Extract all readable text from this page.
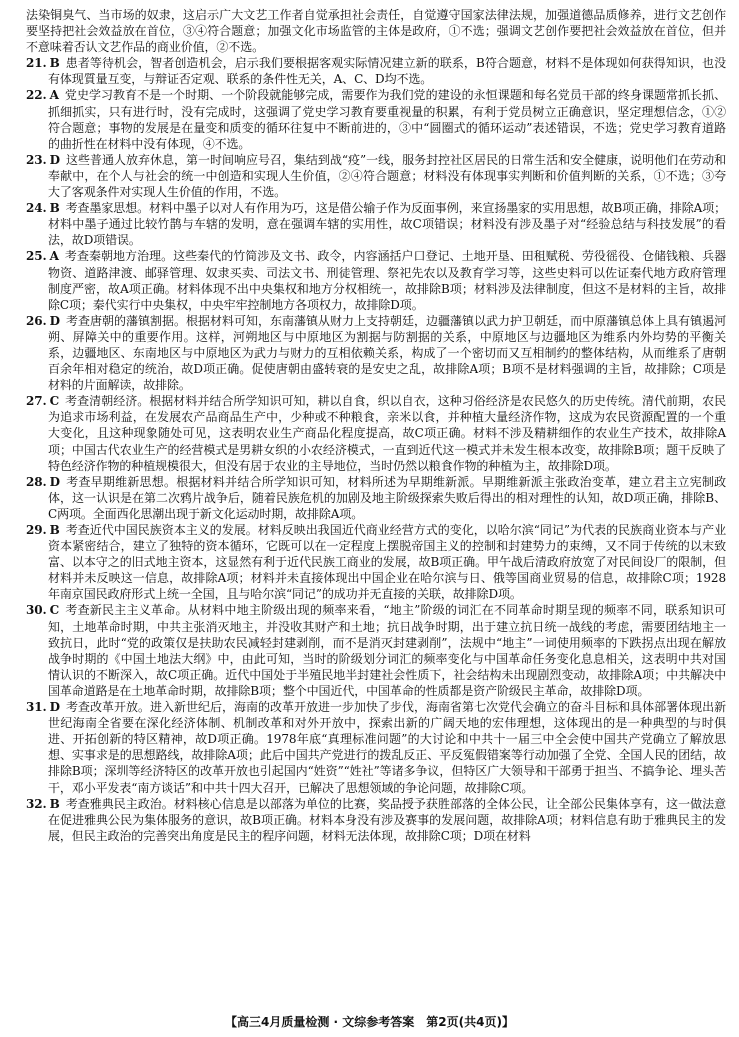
法染铜臭气、当市场的奴隶，这启示广大文艺工作者自觉承担社会责任，自觉遵守国家法律法规，加强道德品质修养，进行文艺创作要坚持把社会效益放在首位，③④符合题意；加强文化市场监管的主体是政府，①不选；强调文艺创作要把社会效益放在首位，但并不意味着否认文艺作品的商业价值，②不选。

21. B 患者等待机会，智者创造机会，启示我们要根据客观实际情况建立新的联系，B符合题意，材料不是体现如何获得知识，也没有体现質量互变，与辩证否定观、联系的条件性无关，A、C、D均不选。

22. A 党史学习教育不是一个时期、一个阶段就能够完成，需要作为我们党的建设的永恒课题和每名党员干部的终身课题常抓长抓、抓细抓实，只有进行时，没有完成时，这强调了党史学习教育要重视量的积累，有利于党员树立正确意识，坚定理想信念，①②符合题意；事物的发展是在量变和质变的循环往复中不断前进的，③中“圆圈式的循环运动”表述错误，不选；党史学习教育道路的曲折性在材料中没有体现，④不选。

23. D 这些普通人放弃休息，第一时间响应号召，集结到战“疫”一线，服务封控社区居民的日常生活和安全健康，说明他们在劳动和奉献中，在个人与社会的统一中创造和实现人生价值，②④符合题意；材料没有体现事实判断和价值判断的关系，①不选；③夸大了客观条件对实现人生价值的作用，不选。

24. B 考查墨家思想。材料中墨子以对人有作用为巧，这是借公输子作为反面事例，来宣扬墨家的实用思想，故B项正确，排除A项；材料中墨子通过比较竹鹊与车辖的发明，意在强调车辖的实用性，故C项错误；材料没有涉及墨子对“经验总结与科技发展”的看法，故D项错误。

25. A 考查秦朝地方治理。这些秦代的竹简涉及文书、政令，内容涵括户口登记、土地开垦、田租赋税、劳役徭役、仓储钱粮、兵器物资、道路津渡、邮驿管理、奴隶买卖、司法文书、刑徒管理、祭祀先农以及教育学习等，这些史料可以佐证秦代地方政府管理制度严密，故A项正确。材料体现不出中央集权和地方分权相统一，故排除B项；材料涉及法律制度，但这不是材料的主旨，故排除C项；秦代实行中央集权，中央牢牢控制地方各项权力，故排除D项。

26. D 考查唐朝的藩镇割据。根据材料可知，东南藩镇从财力上支持朝廷，边疆藩镇以武力护卫朝廷，而中原藩镇总体上具有镇遏河朔、屏障关中的重要作用。这样，河朔地区与中原地区为割据与防割据的关系，中原地区与边疆地区为维系内外均势的平衡关系，边疆地区、东南地区与中原地区为武力与财力的互相依赖关系，构成了一个密切而又互相制约的整体结构，从而维系了唐朝百余年相对稳定的统治，故D项正确。促使唐朝由盛转衰的是安史之乱，故排除A项；B项不是材料强调的主旨，故排除；C项是材料的片面解读，故排除。

27. C 考查清朝经济。根据材料并结合所学知识可知，耕以自食，织以自衣，这种习俗经济是农民悠久的历史传统。清代前期，农民为追求市场利益，在发展农产品商品生产中，少种或不种粮食，亲米以食，并种植大量经济作物，这成为农民资源配置的一个重大变化，且这种现象随处可见，这表明农业生产商品化程度提高，故C项正确。材料不涉及精耕细作的农业生产技术，故排除A项；中国古代农业生产的经营模式是男耕女织的小农经济模式，一直到近代这一模式并未发生根本改变，故排除B项；题干反映了特色经济作物的种植规模很大，但没有居于农业的主导地位，当时仍然以粮食作物的种植为主，故排除D项。

28. D 考查早期维新思想。根据材料并结合所学知识可知，材料所述为早期维新派。早期维新派主张政治变革，建立君主立宪制政体，这一认识是在第二次鸦片战争后，随着民族危机的加剧及地主阶级探索失败后得出的相对理性的认知，故D项正确，排除B、C两项。全面西化思潮出现于新文化运动时期，故排除A项。

29. B 考查近代中国民族资本主义的发展。材料反映出我国近代商业经营方式的变化，以哈尔滨“同记”为代表的民族商业资本与产业资本紧密结合，建立了独特的资本循环，它既可以在一定程度上摆脱帝国主义的控制和封建势力的束缚，又不同于传统的以末致富、以本守之的旧式地主资本，这显然有利于近代民族工商业的发展，故B项正确。甲午战后清政府放宽了对民间设厂的限制，但材料并未反映这一信息，故排除A项；材料并未直接体现出中国企业在哈尔滨与日、俄等国商业贸易的信息，故排除C项；1928年南京国民政府形式上统一全国，且与哈尔滨“同记”的成功并无直接的关联，故排除D项。

30. C 考查新民主主义革命。从材料中地主阶级出现的频率来看，“地主”阶级的词汇在不同革命时期呈现的频率不同，联系知识可知，土地革命时期，中共主张消灭地主，并没收其财产和土地；抗日战争时期，出于建立抗日统一战线的考虑，需要团结地主一致抗日，此时“党的政策仅是扶助农民减轻封建剥削，而不是消灭封建剥削”，法规中“地主”一词使用频率的下跌拐点出现在解放战争时期的《中国土地法大纲》中，由此可知，当时的阶级划分词汇的频率变化与中国革命任务变化息息相关，这表明中共对国情认识的不断深入，故C项正确。近代中国处于半殖民地半封建社会性质下，社会结构未出现剧烈变动，故排除A项；中共解决中国革命道路是在土地革命时期，故排除B项；整个中国近代，中国革命的性质都是资产阶级民主革命，故排除D项。

31. D 考查改革开放。进入新世纪后，海南的改革开放进一步加快了步伐，海南省第七次党代会确立的奋斗目标和具体部署体现出新世纪海南全省要在深化经济体制、机制改革和对外开放中，探索出新的广阔天地的宏伟理想，这体现出的是一种典型的与时俱进、开拓创新的特区精神，故D项正确。1978年底“真理标准问题”的大讨论和中共十一届三中全会使中国共产党确立了解放思想、实事求是的思想路线，故排除A项；此后中国共产党进行的拨乱反正、平反冤假错案等行动加强了全党、全国人民的团结，故排除B项；深圳等经济特区的改革开放也引起国内“姓资”“姓社”等诸多争议，但特区广大领导和干部勇于担当、不搞争论、埋头苦干，邓小平发表“南方谈话”和中共十四大召开，已解决了思想领域的争论问题，故排除C项。

32. B 考查雅典民主政治。材料核心信息是以部落为单位的比赛，奖品授予获胜部落的全体公民，让全部公民集体享有，这一做法意在促进雅典公民为集体服务的意识，故B项正确。材料本身没有涉及赛事的发展问题，故排除A项；材料信息有助于雅典民主的发展，但民主政治的完善突出角度是民主的程序问题，材料无法体现，故排除C项；D项在材料

【高三4月质量检测 · 文综参考答案　第2页(共4页)】
